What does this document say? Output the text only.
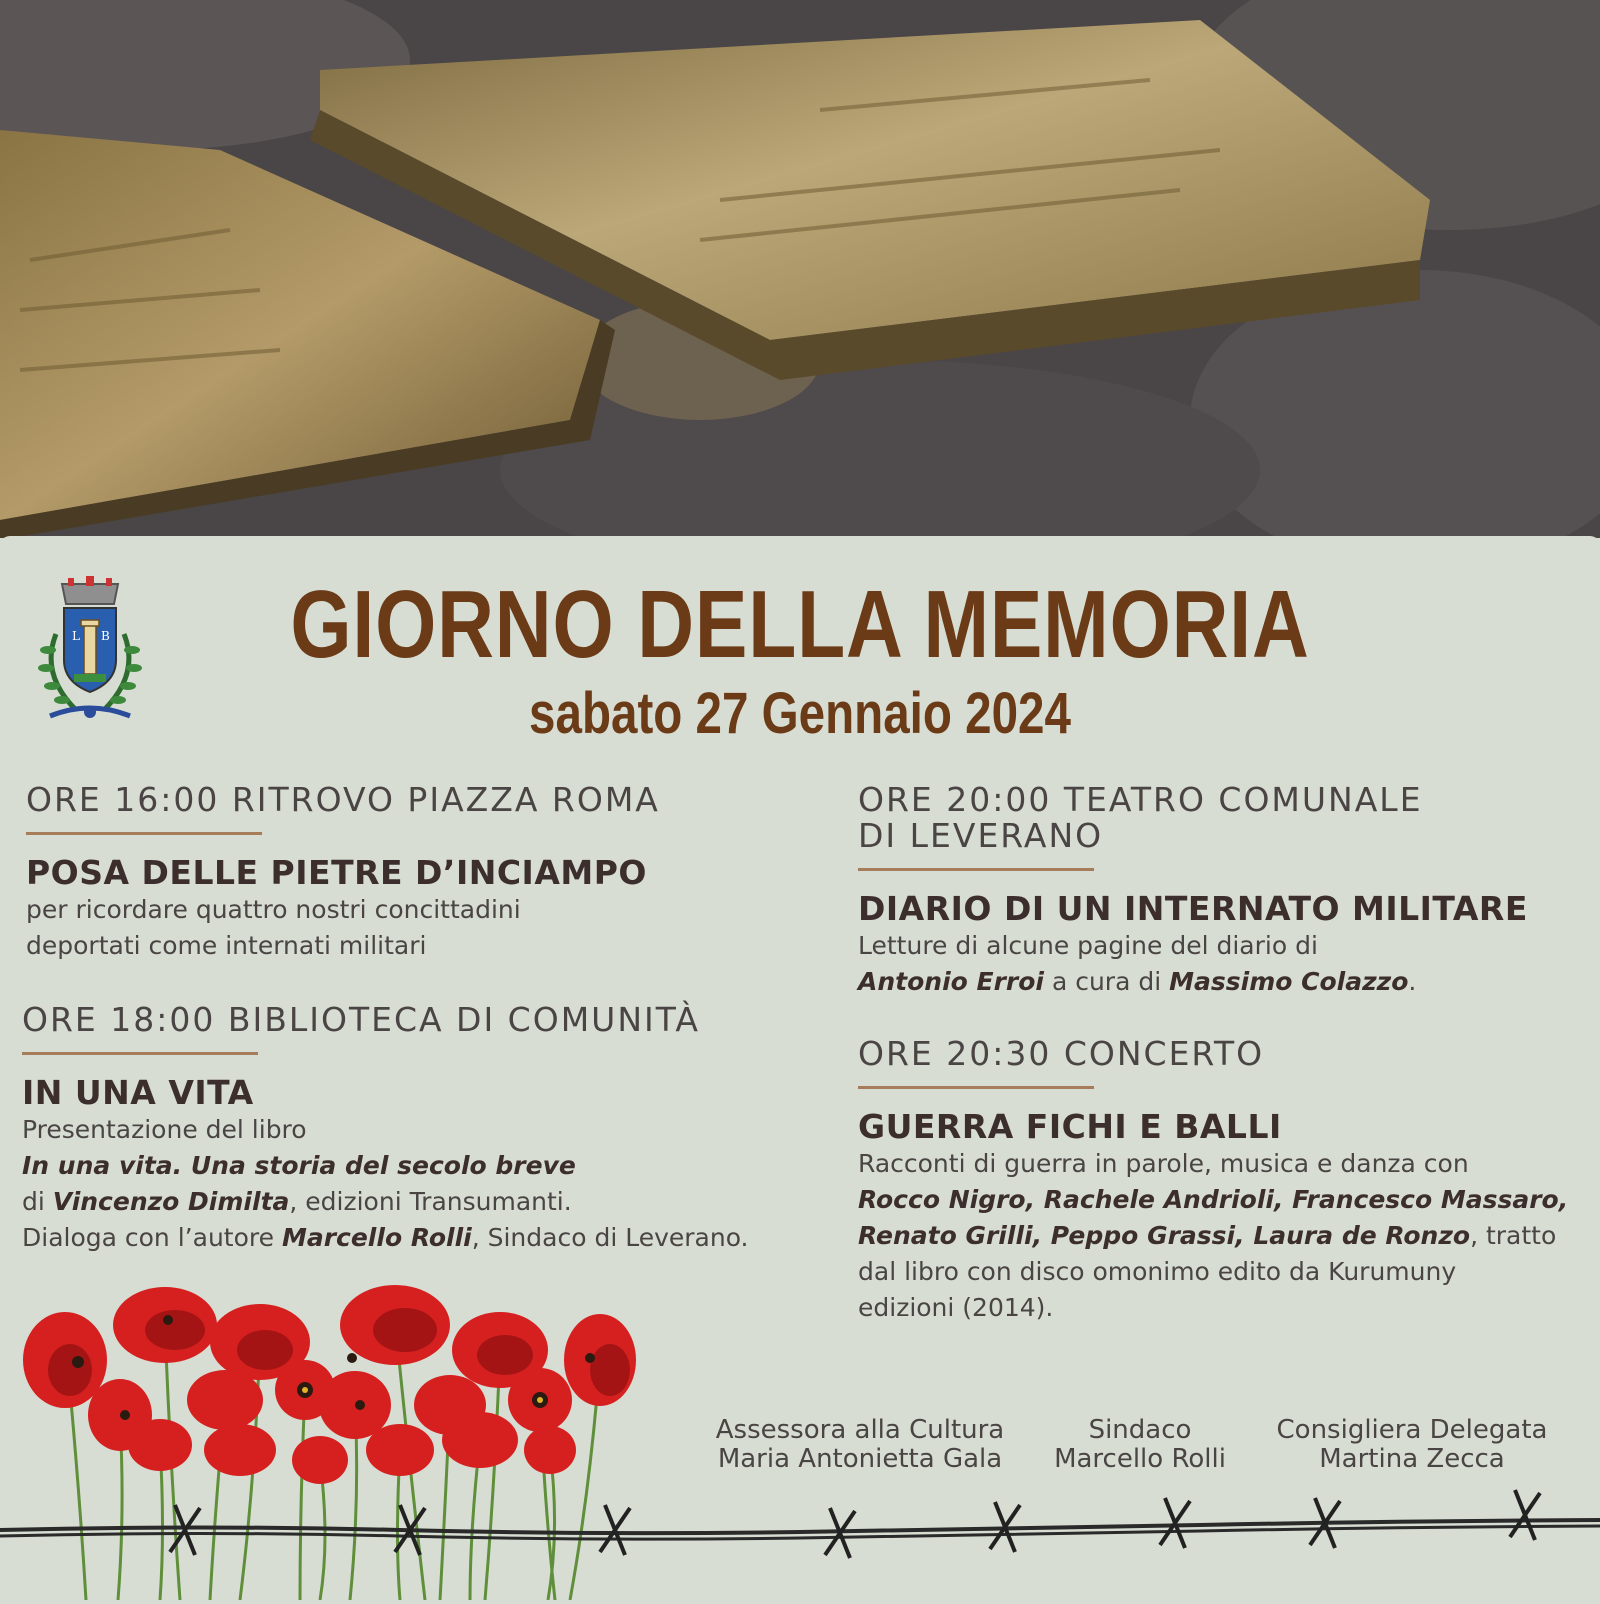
L B	GIORNO DELLA MEMORIA
sabato 27 Gennaio 2024
ORE 16:00 RITROVO PIAZZA ROMA
POSA DELLE PIETRE D’INCIAMPO
per ricordare quattro nostri concittadini
deportati come internati militari
ORE 18:00 BIBLIOTECA DI COMUNITÀ
IN UNA VITA
Presentazione del libro
In una vita. Una storia del secolo breve
di Vincenzo Dimilta, edizioni Transumanti.
Dialoga con l’autore Marcello Rolli, Sindaco di Leverano.
ORE 20:00 TEATRO COMUNALE
DI LEVERANO
DIARIO DI UN INTERNATO MILITARE
Letture di alcune pagine del diario di
Antonio Erroi a cura di Massimo Colazzo.
ORE 20:30 CONCERTO
GUERRA FICHI E BALLI
Racconti di guerra in parole, musica e danza con
Rocco Nigro, Rachele Andrioli, Francesco Massaro,
Renato Grilli, Peppo Grassi, Laura de Ronzo, tratto
dal libro con disco omonimo edito da Kurumuny
edizioni (2014).
Assessora alla Cultura
Maria Antonietta Gala
Sindaco
Marcello Rolli
Consigliera Delegata
Martina Zecca
